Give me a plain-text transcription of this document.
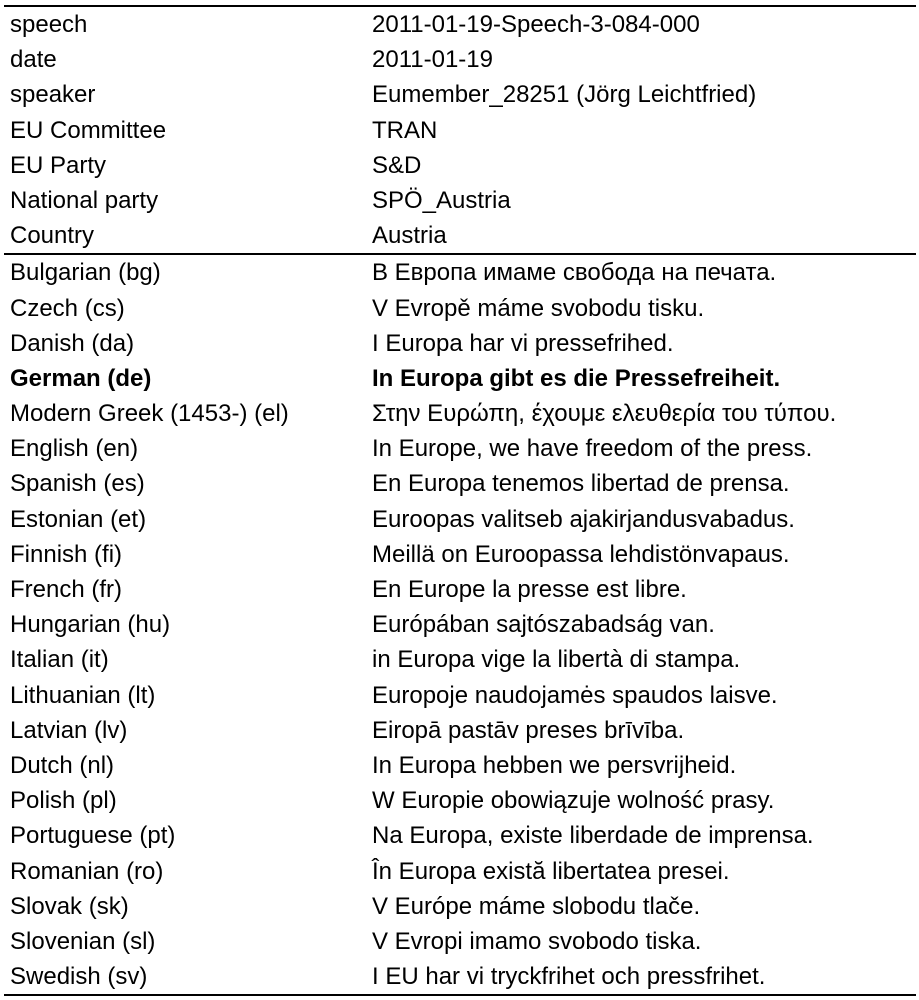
speech	2011-01-19-Speech-3-084-000
date	2011-01-19
speaker	Eumember_28251 (Jörg Leichtfried)
EU Committee	TRAN
EU Party	S&D
National party	SPÖ_Austria
Country	Austria
Bulgarian (bg)	В Европа имаме свобода на печата.
Czech (cs)	V Evropě máme svobodu tisku.
Danish (da)	I Europa har vi pressefrihed.
German (de)	In Europa gibt es die Pressefreiheit.
Modern Greek (1453-) (el)	Στην Ευρώπη, έχουμε ελευθερία του τύπου.
English (en)	In Europe, we have freedom of the press.
Spanish (es)	En Europa tenemos libertad de prensa.
Estonian (et)	Euroopas valitseb ajakirjandusvabadus.
Finnish (fi)	Meillä on Euroopassa lehdistönvapaus.
French (fr)	En Europe la presse est libre.
Hungarian (hu)	Európában sajtószabadság van.
Italian (it)	in Europa vige la libertà di stampa.
Lithuanian (lt)	Europoje naudojamės spaudos laisve.
Latvian (lv)	Eiropā pastāv preses brīvība.
Dutch (nl)	In Europa hebben we persvrijheid.
Polish (pl)	W Europie obowiązuje wolność prasy.
Portuguese (pt)	Na Europa, existe liberdade de imprensa.
Romanian (ro)	În Europa există libertatea presei.
Slovak (sk)	V Európe máme slobodu tlače.
Slovenian (sl)	V Evropi imamo svobodo tiska.
Swedish (sv)	I EU har vi tryckfrihet och pressfrihet.
